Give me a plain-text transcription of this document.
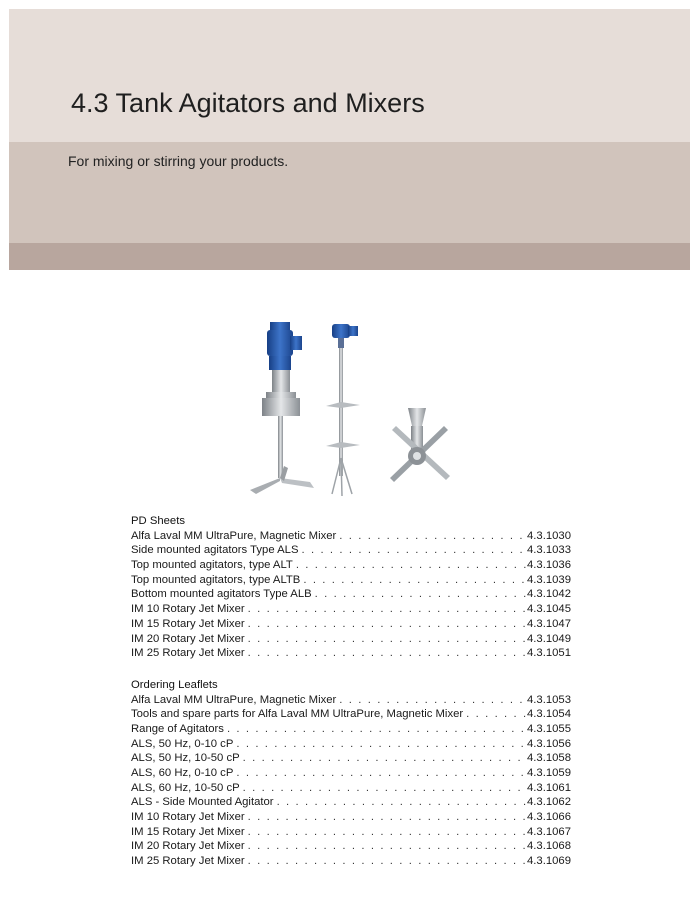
4.3 Tank Agitators and Mixers
For mixing or stirring your products.
PD Sheets
Alfa Laval MM UltraPure, Magnetic Mixer . . .	4.3.1030
Side mounted agitators Type ALS . . .	4.3.1033
Top mounted agitators, type ALT . . .	4.3.1036
Top mounted agitators, type ALTB . . .	4.3.1039
Bottom mounted agitators Type ALB . . .	4.3.1042
IM 10 Rotary Jet Mixer . . .	4.3.1045
IM 15 Rotary Jet Mixer . . .	4.3.1047
IM 20 Rotary Jet Mixer . . .	4.3.1049
IM 25 Rotary Jet Mixer . . .	4.3.1051
Ordering Leaflets
Alfa Laval MM UltraPure, Magnetic Mixer . . .	4.3.1053
Tools and spare parts for Alfa Laval MM UltraPure, Magnetic Mixer . . .	4.3.1054
Range of Agitators . . .	4.3.1055
ALS, 50 Hz, 0-10 cP . . .	4.3.1056
ALS, 50 Hz, 10-50 cP . . .	4.3.1058
ALS, 60 Hz, 0-10 cP . . .	4.3.1059
ALS, 60 Hz, 10-50 cP . . .	4.3.1061
ALS - Side Mounted Agitator . . .	4.3.1062
IM 10 Rotary Jet Mixer . . .	4.3.1066
IM 15 Rotary Jet Mixer . . .	4.3.1067
IM 20 Rotary Jet Mixer . . .	4.3.1068
IM 25 Rotary Jet Mixer . . .	4.3.1069
